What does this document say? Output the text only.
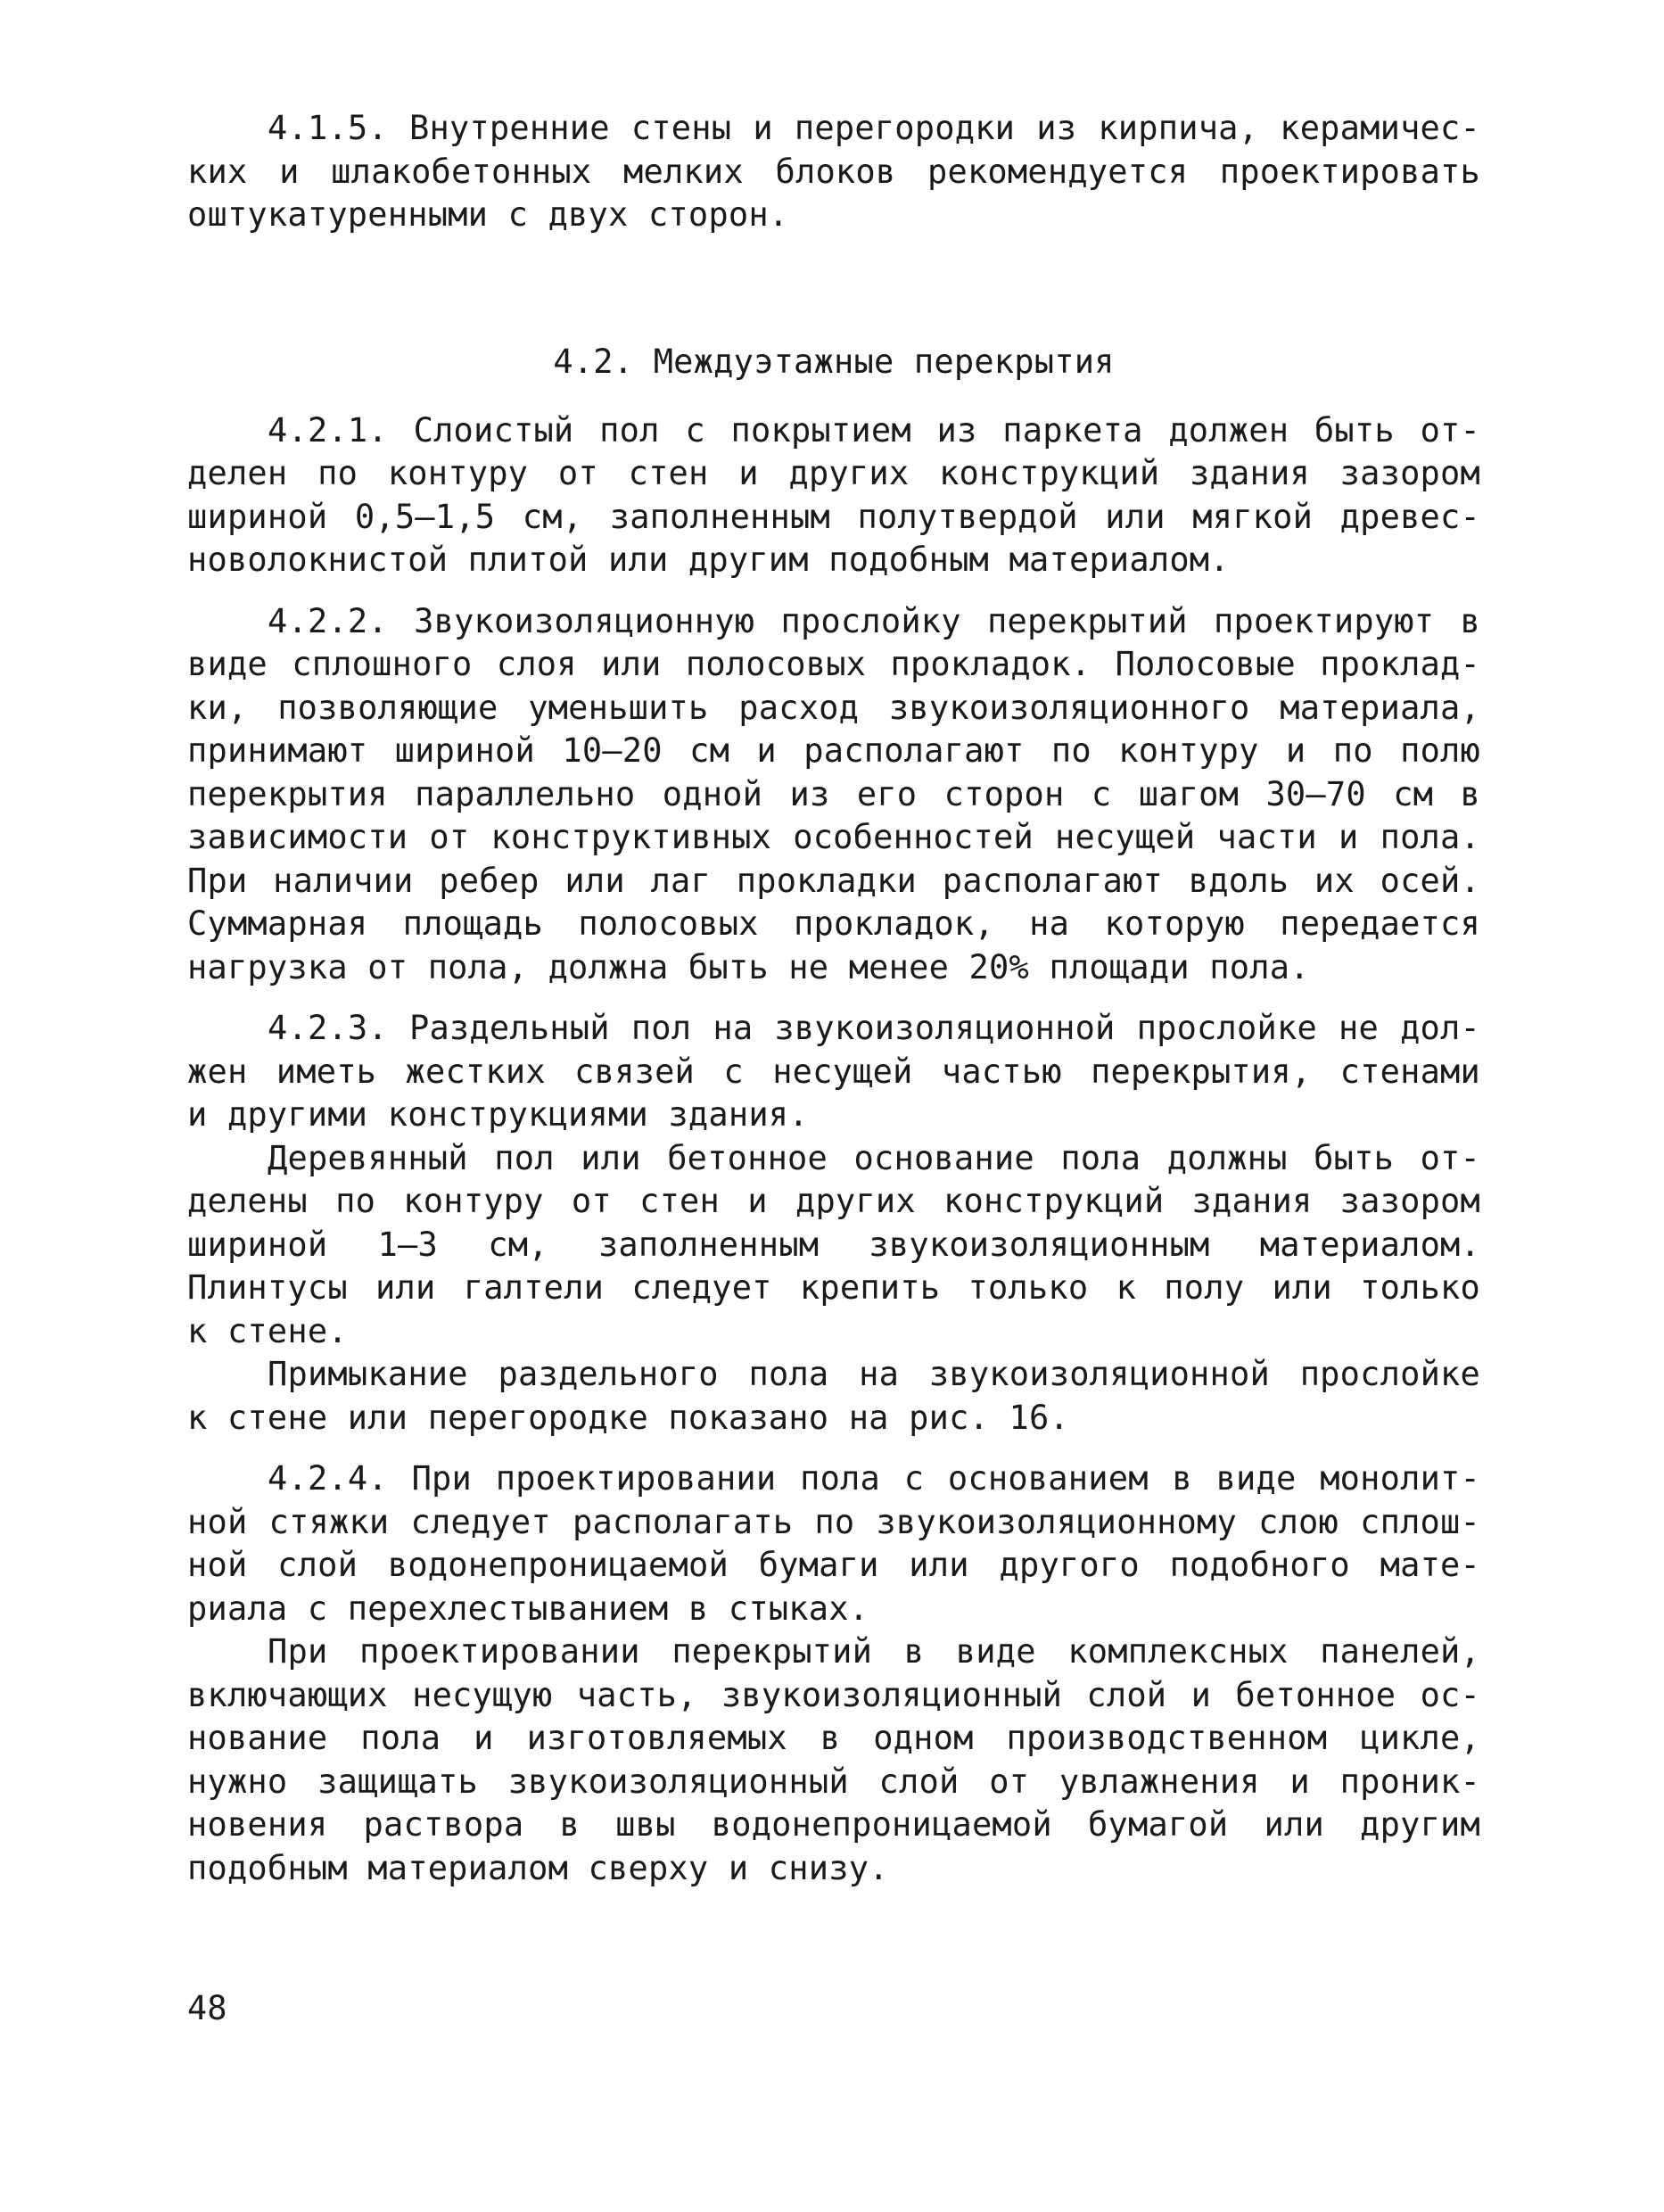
4.1.5. Внутренние стены и перегородки из кирпича, керамичес-
ких и шлакобетонных мелких блоков рекомендуется проектировать
оштукатуренными с двух сторон.
4.2. Междуэтажные перекрытия
4.2.1. Слоистый пол с покрытием из паркета должен быть от-
делен по контуру от стен и других конструкций здания зазором
шириной 0,5–1,5 см, заполненным полутвердой или мягкой древес-
новолокнистой плитой или другим подобным материалом.
4.2.2. Звукоизоляционную прослойку перекрытий проектируют в
виде сплошного слоя или полосовых прокладок. Полосовые проклад-
ки, позволяющие уменьшить расход звукоизоляционного материала,
принимают шириной 10–20 см и располагают по контуру и по полю
перекрытия параллельно одной из его сторон с шагом 30–70 см в
зависимости от конструктивных особенностей несущей части и пола.
При наличии ребер или лаг прокладки располагают вдоль их осей.
Суммарная площадь полосовых прокладок, на которую передается
нагрузка от пола, должна быть не менее 20% площади пола.
4.2.3. Раздельный пол на звукоизоляционной прослойке не дол-
жен иметь жестких связей с несущей частью перекрытия, стенами
и другими конструкциями здания.
Деревянный пол или бетонное основание пола должны быть от-
делены по контуру от стен и других конструкций здания зазором
шириной 1–3 см, заполненным звукоизоляционным материалом.
Плинтусы или галтели следует крепить только к полу или только
к стене.
Примыкание раздельного пола на звукоизоляционной прослойке
к стене или перегородке показано на рис. 16.
4.2.4. При проектировании пола с основанием в виде монолит-
ной стяжки следует располагать по звукоизоляционному слою сплош-
ной слой водонепроницаемой бумаги или другого подобного мате-
риала с перехлестыванием в стыках.
При проектировании перекрытий в виде комплексных панелей,
включающих несущую часть, звукоизоляционный слой и бетонное ос-
нование пола и изготовляемых в одном производственном цикле,
нужно защищать звукоизоляционный слой от увлажнения и проник-
новения раствора в швы водонепроницаемой бумагой или другим
подобным материалом сверху и снизу.
48
